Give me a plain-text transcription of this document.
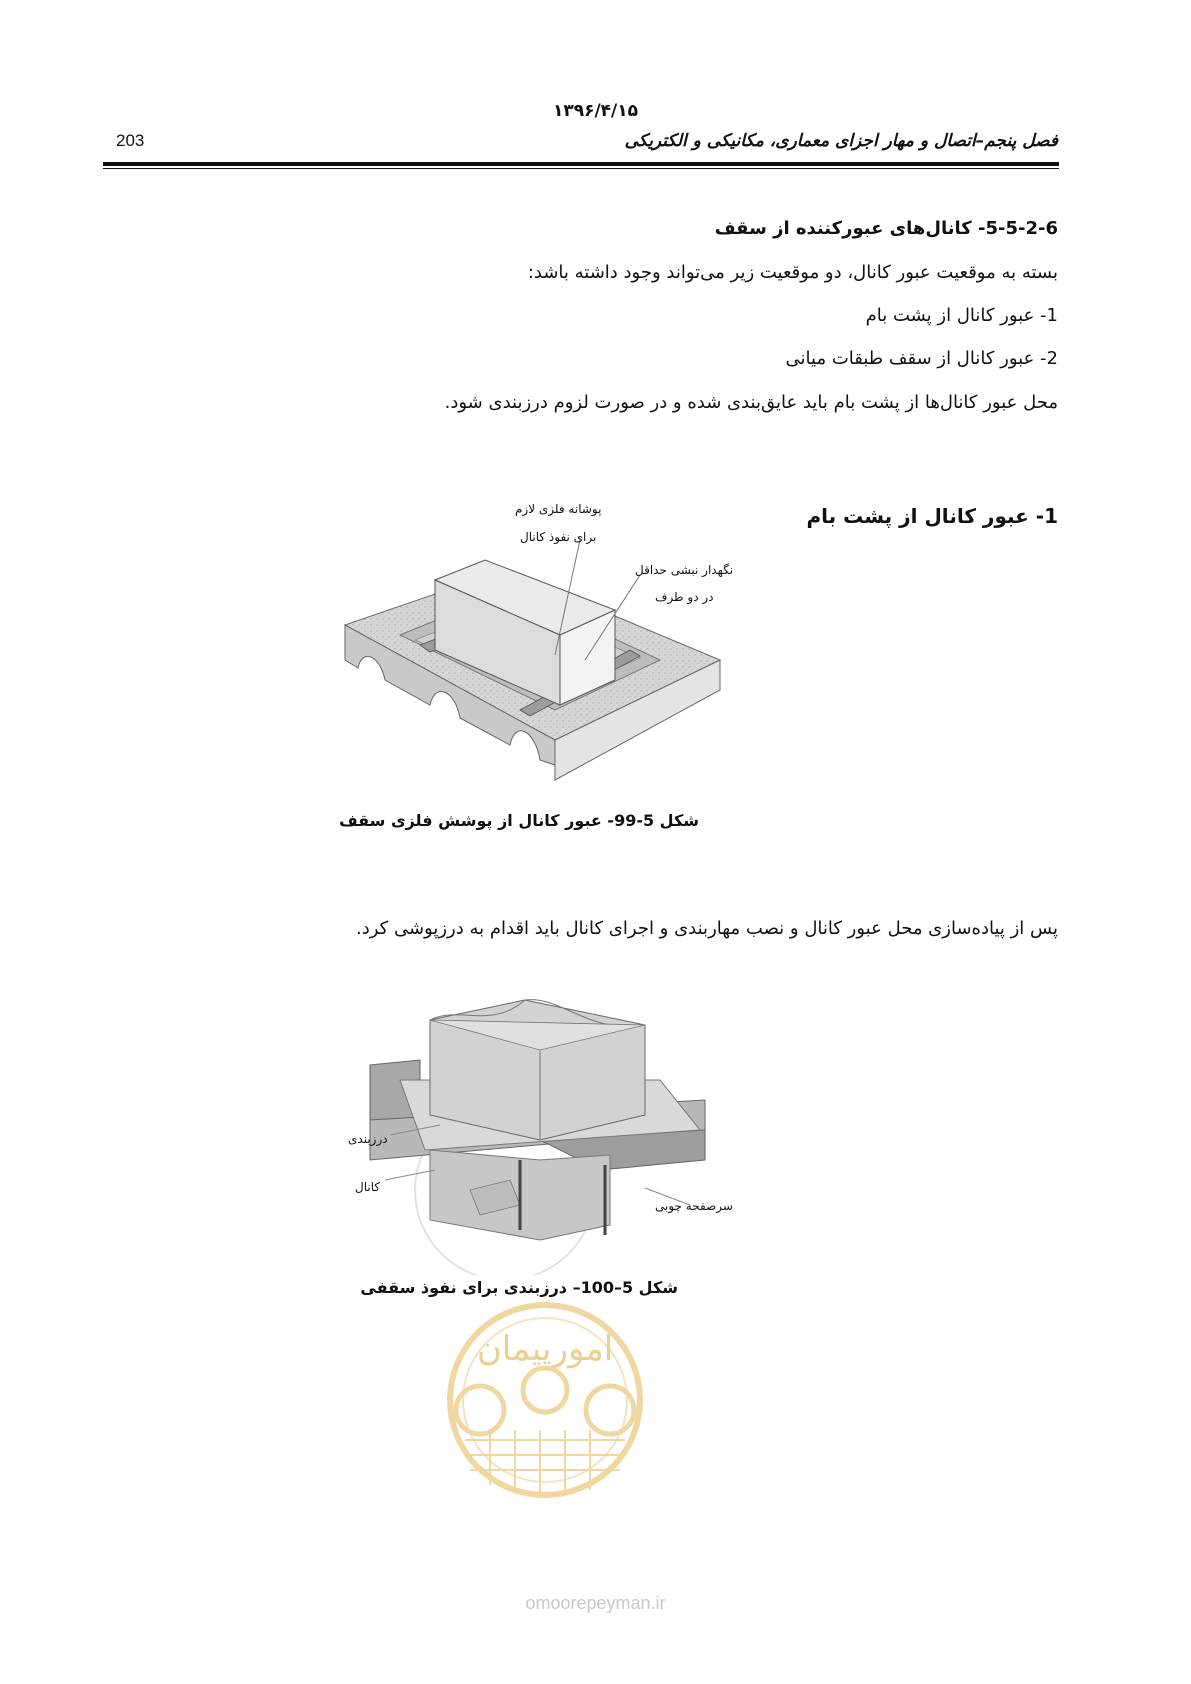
۱۳۹۶/۴/۱۵
203	فصل پنجم–اتصال و مهار اجزای معماری، مکانیکی و الکتریکی
5-5-2-6- کانال‌های عبورکننده از سقف
بسته به موقعیت عبور کانال، دو موقعیت زیر می‌تواند وجود داشته باشد:
1- عبور کانال از پشت بام
2- عبور کانال از سقف طبقات میانی
محل عبور کانال‌ها از پشت بام باید عایق‌بندی شده و در صورت لزوم درزبندی شود.
1- عبور کانال از پشت بام
پوشانه فلزی لازم
برای نفوذ کانال
نگهدار نبشی حداقل
در دو طرف
شکل 5-99- عبور کانال از پوشش فلزی سقف
پس از پیاده‌سازی محل عبور کانال و نصب مهاربندی و اجرای کانال باید اقدام به درزپوشی کرد.
درزبندی
کانال
سرصفحه چوبی
شکل 5–100– درزبندی برای نفوذ سقفی
امورپیمان
omoorepeyman.ir
